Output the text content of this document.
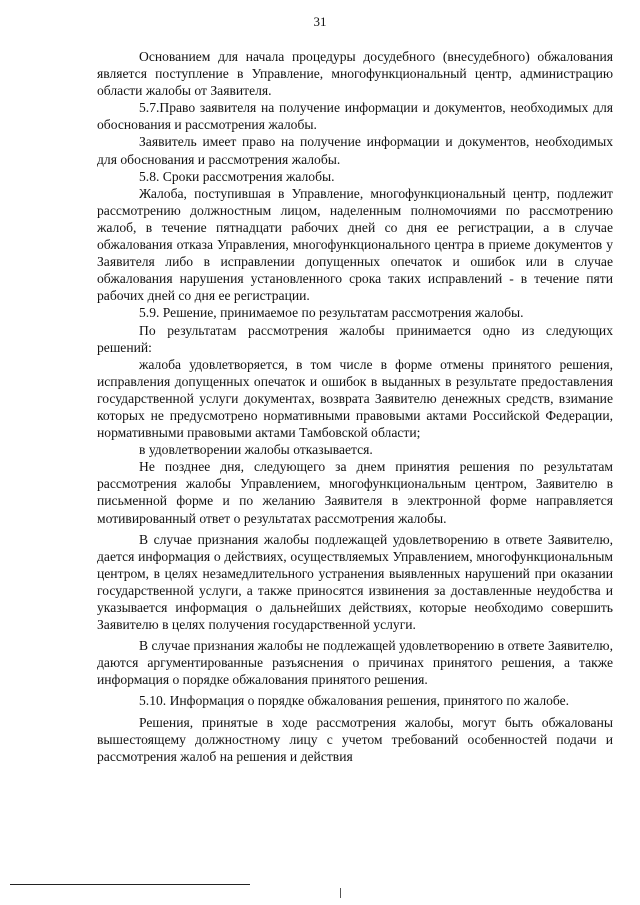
31

Основанием для начала процедуры досудебного (внесудебного) обжалования является поступление в Управление, многофункциональный центр, администрацию области жалобы от Заявителя.

5.7.Право заявителя на получение информации и документов, необходимых для обоснования и рассмотрения жалобы.

Заявитель имеет право на получение информации и документов, необходимых для обоснования и рассмотрения жалобы.

5.8. Сроки рассмотрения жалобы.

Жалоба, поступившая в Управление, многофункциональный центр, подлежит рассмотрению должностным лицом, наделенным полномочиями по рассмотрению жалоб, в течение пятнадцати рабочих дней со дня ее регистрации, а в случае обжалования отказа Управления, многофункционального центра в приеме документов у Заявителя либо в исправлении допущенных опечаток и ошибок или в случае обжалования нарушения установленного срока таких исправлений - в течение пяти рабочих дней со дня ее регистрации.

5.9. Решение, принимаемое по результатам рассмотрения жалобы.

По результатам рассмотрения жалобы принимается одно из следующих решений:

жалоба удовлетворяется, в том числе в форме отмены принятого решения, исправления допущенных опечаток и ошибок в выданных в результате предоставления государственной услуги документах, возврата Заявителю денежных средств, взимание которых не предусмотрено нормативными правовыми актами Российской Федерации, нормативными правовыми актами Тамбовской области;

в удовлетворении жалобы отказывается.

Не позднее дня, следующего за днем принятия решения по результатам рассмотрения жалобы Управлением, многофункциональным центром, Заявителю в письменной форме и по желанию Заявителя в электронной форме направляется мотивированный ответ о результатах рассмотрения жалобы.

В случае признания жалобы подлежащей удовлетворению в ответе Заявителю, дается информация о действиях, осуществляемых Управлением, многофункциональным центром, в целях незамедлительного устранения выявленных нарушений при оказании государственной услуги, а также приносятся извинения за доставленные неудобства и указывается информация о дальнейших действиях, которые необходимо совершить Заявителю в целях получения государственной услуги.

В случае признания жалобы не подлежащей удовлетворению в ответе Заявителю, даются аргументированные разъяснения о причинах принятого решения, а также информация о порядке обжалования принятого решения.

5.10. Информация о порядке обжалования решения, принятого по жалобе.

Решения, принятые в ходе рассмотрения жалобы, могут быть обжалованы вышестоящему должностному лицу с учетом требований особенностей подачи и рассмотрения жалоб на решения и действия
